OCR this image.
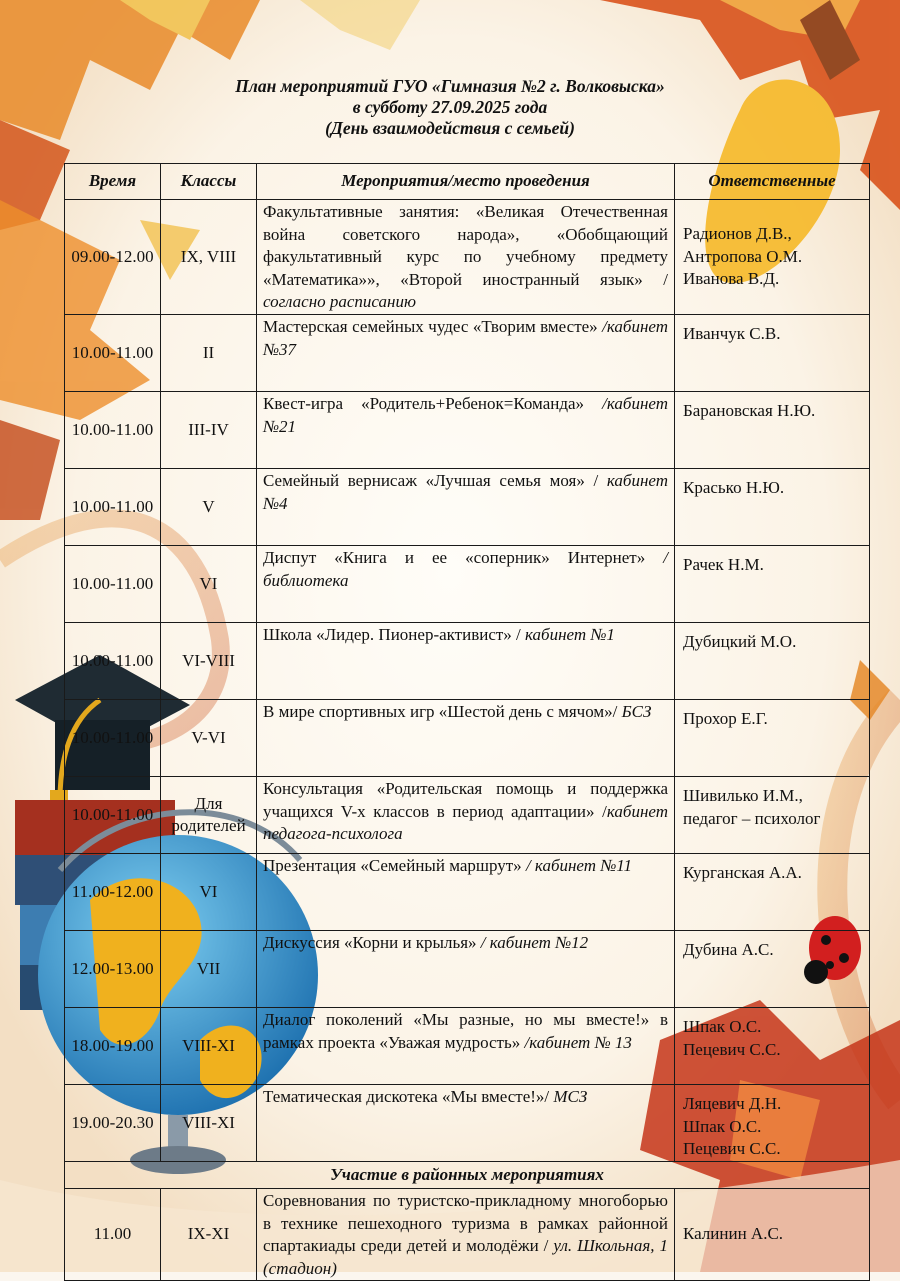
План мероприятий ГУО «Гимназия №2 г. Волковыска»
в субботу 27.09.2025 года
(День взаимодействия с семьей)
Время	Классы	Мероприятия/место проведения	Ответственные
09.00-12.00	IX, VIII	Факультативные занятия: «Великая Отечественная война советского народа», «Обобщающий факультативный курс по учебному предмету «Математика»», «Второй иностранный язык» / согласно расписанию	Радионов Д.В.,
Антропова О.М.
Иванова В.Д.

10.00-11.00	II	Мастерская семейных чудес «Творим вместе» /кабинет №37	Иванчук С.В.

10.00-11.00	III-IV	Квест-игра «Родитель+Ребенок=Команда» /кабинет №21	Барановская Н.Ю.

10.00-11.00	V	Семейный вернисаж «Лучшая семья моя» / кабинет №4	Красько Н.Ю.

10.00-11.00	VI	Диспут «Книга и ее «соперник» Интернет» /библиотека	Рачек Н.М.

10.00-11.00	VI-VIII	Школа «Лидер. Пионер-активист» / кабинет №1	Дубицкий М.О.

10.00-11.00	V-VI	В мире спортивных игр «Шестой день с мячом»/ БСЗ	Прохор Е.Г.

10.00-11.00	Для родителей	Консультация «Родительская помощь и поддержка учащихся V-х классов в период адаптации» /кабинет педагога-психолога	Шивилько И.М.,
педагог – психолог

11.00-12.00	VI	Презентация «Семейный маршрут» / кабинет №11	Курганская А.А.

12.00-13.00	VII	Дискуссия «Корни и крылья» / кабинет №12	Дубина А.С.

18.00-19.00	VIII-XI	Диалог поколений «Мы разные, но мы вместе!» в рамках проекта «Уважая мудрость» /кабинет № 13	Шпак О.С.
Пецевич С.С.

19.00-20.30	VIII-XI	Тематическая дискотека «Мы вместе!»/ МСЗ	Ляцевич Д.Н.
Шпак О.С.
Пецевич С.С.

Участие в районных мероприятиях			
11.00	IX-XI	Соревнования по туристско-прикладному многоборью в технике пешеходного туризма в рамках районной спартакиады среди детей и молодёжи / ул. Школьная, 1 (стадион)	Калинин А.С.
